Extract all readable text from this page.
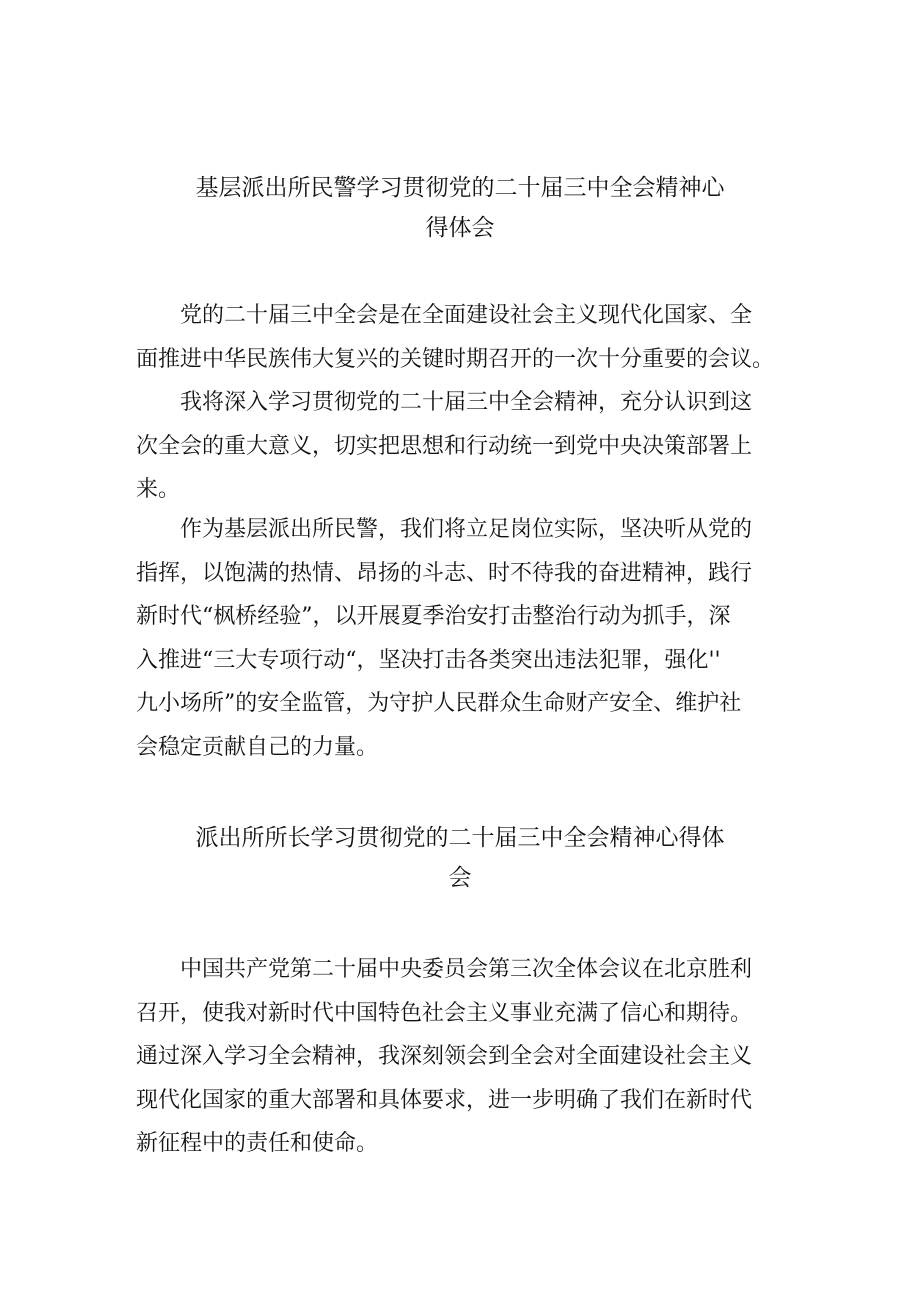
基层派出所民警学习贯彻党的二十届三中全会精神心
得体会

党的二十届三中全会是在全面建设社会主义现代化国家、全
面推进中华民族伟大复兴的关键时期召开的一次十分重要的会议。

我将深入学习贯彻党的二十届三中全会精神，充分认识到这
次全会的重大意义，切实把思想和行动统一到党中央决策部署上
来。

作为基层派出所民警，我们将立足岗位实际，坚决听从党的
指挥，以饱满的热情、昂扬的斗志、时不待我的奋进精神，践行
新时代“枫桥经验”，以开展夏季治安打击整治行动为抓手，深
入推进“三大专项行动“，坚决打击各类突出违法犯罪，强化''
九小场所”的安全监管，为守护人民群众生命财产安全、维护社
会稳定贡献自己的力量。

派出所所长学习贯彻党的二十届三中全会精神心得体
会

中国共产党第二十届中央委员会第三次全体会议在北京胜利
召开，使我对新时代中国特色社会主义事业充满了信心和期待。
通过深入学习全会精神，我深刻领会到全会对全面建设社会主义
现代化国家的重大部署和具体要求，进一步明确了我们在新时代
新征程中的责任和使命。
